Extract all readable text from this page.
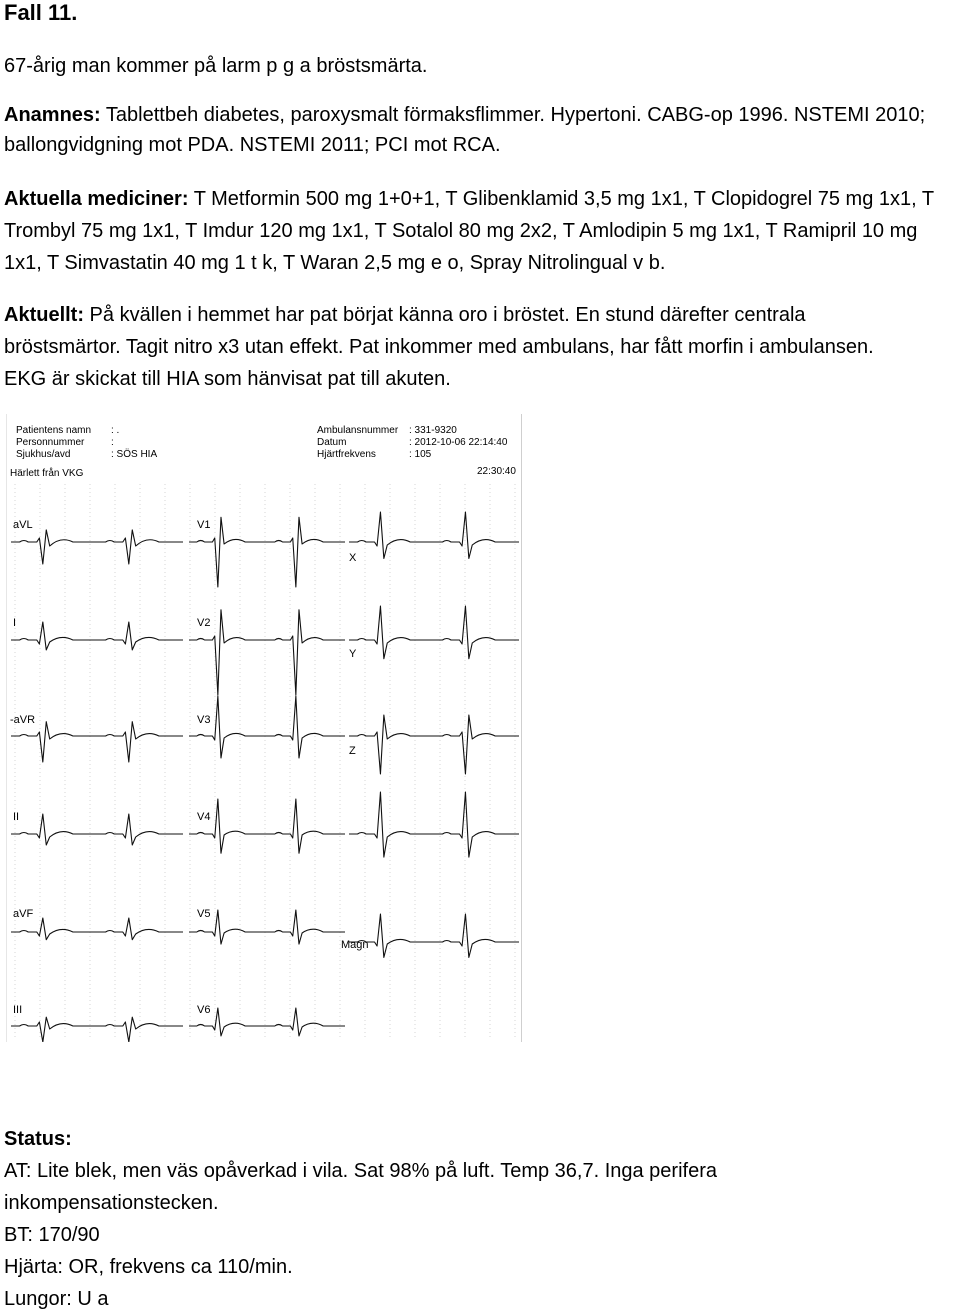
Fall 11.
67-årig man kommer på larm p g a bröstsmärta.
Anamnes: Tablettbeh diabetes, paroxysmalt förmaksflimmer. Hypertoni. CABG-op 1996. NSTEMI 2010;
ballongvidgning mot PDA. NSTEMI 2011; PCI mot RCA.
Aktuella mediciner: T Metformin 500 mg 1+0+1, T Glibenklamid 3,5 mg 1x1, T Clopidogrel 75 mg 1x1, T
Trombyl 75 mg 1x1, T Imdur 120 mg 1x1, T Sotalol 80 mg 2x2, T Amlodipin 5 mg 1x1, T Ramipril 10 mg
1x1, T Simvastatin 40 mg 1 t k, T Waran 2,5 mg e o, Spray Nitrolingual v b.
Aktuellt: På kvällen i hemmet har pat börjat känna oro i bröstet. En stund därefter centrala
bröstsmärtor. Tagit nitro x3 utan effekt. Pat inkommer med ambulans, har fått morfin i ambulansen.
EKG är skickat till HIA som hänvisat pat till akuten.
Patientens namn : .
Personnummer	:
Sjukhus/avd	: SÖS HIA
Ambulansnummer : 331-9320
Datum	: 2012-10-06 22:14:40
Hjärtfrekvens	: 105
Härlett från VKG	22:30:40
aVL
I
-aVR
II
aVF
III
V1
V2
V3
V4
V5
V6
X
Y
Z
Magn
Status:
AT: Lite blek, men väs opåverkad i vila. Sat 98% på luft. Temp 36,7. Inga perifera
inkompensationstecken.
BT: 170/90
Hjärta: OR, frekvens ca 110/min.
Lungor: U a
